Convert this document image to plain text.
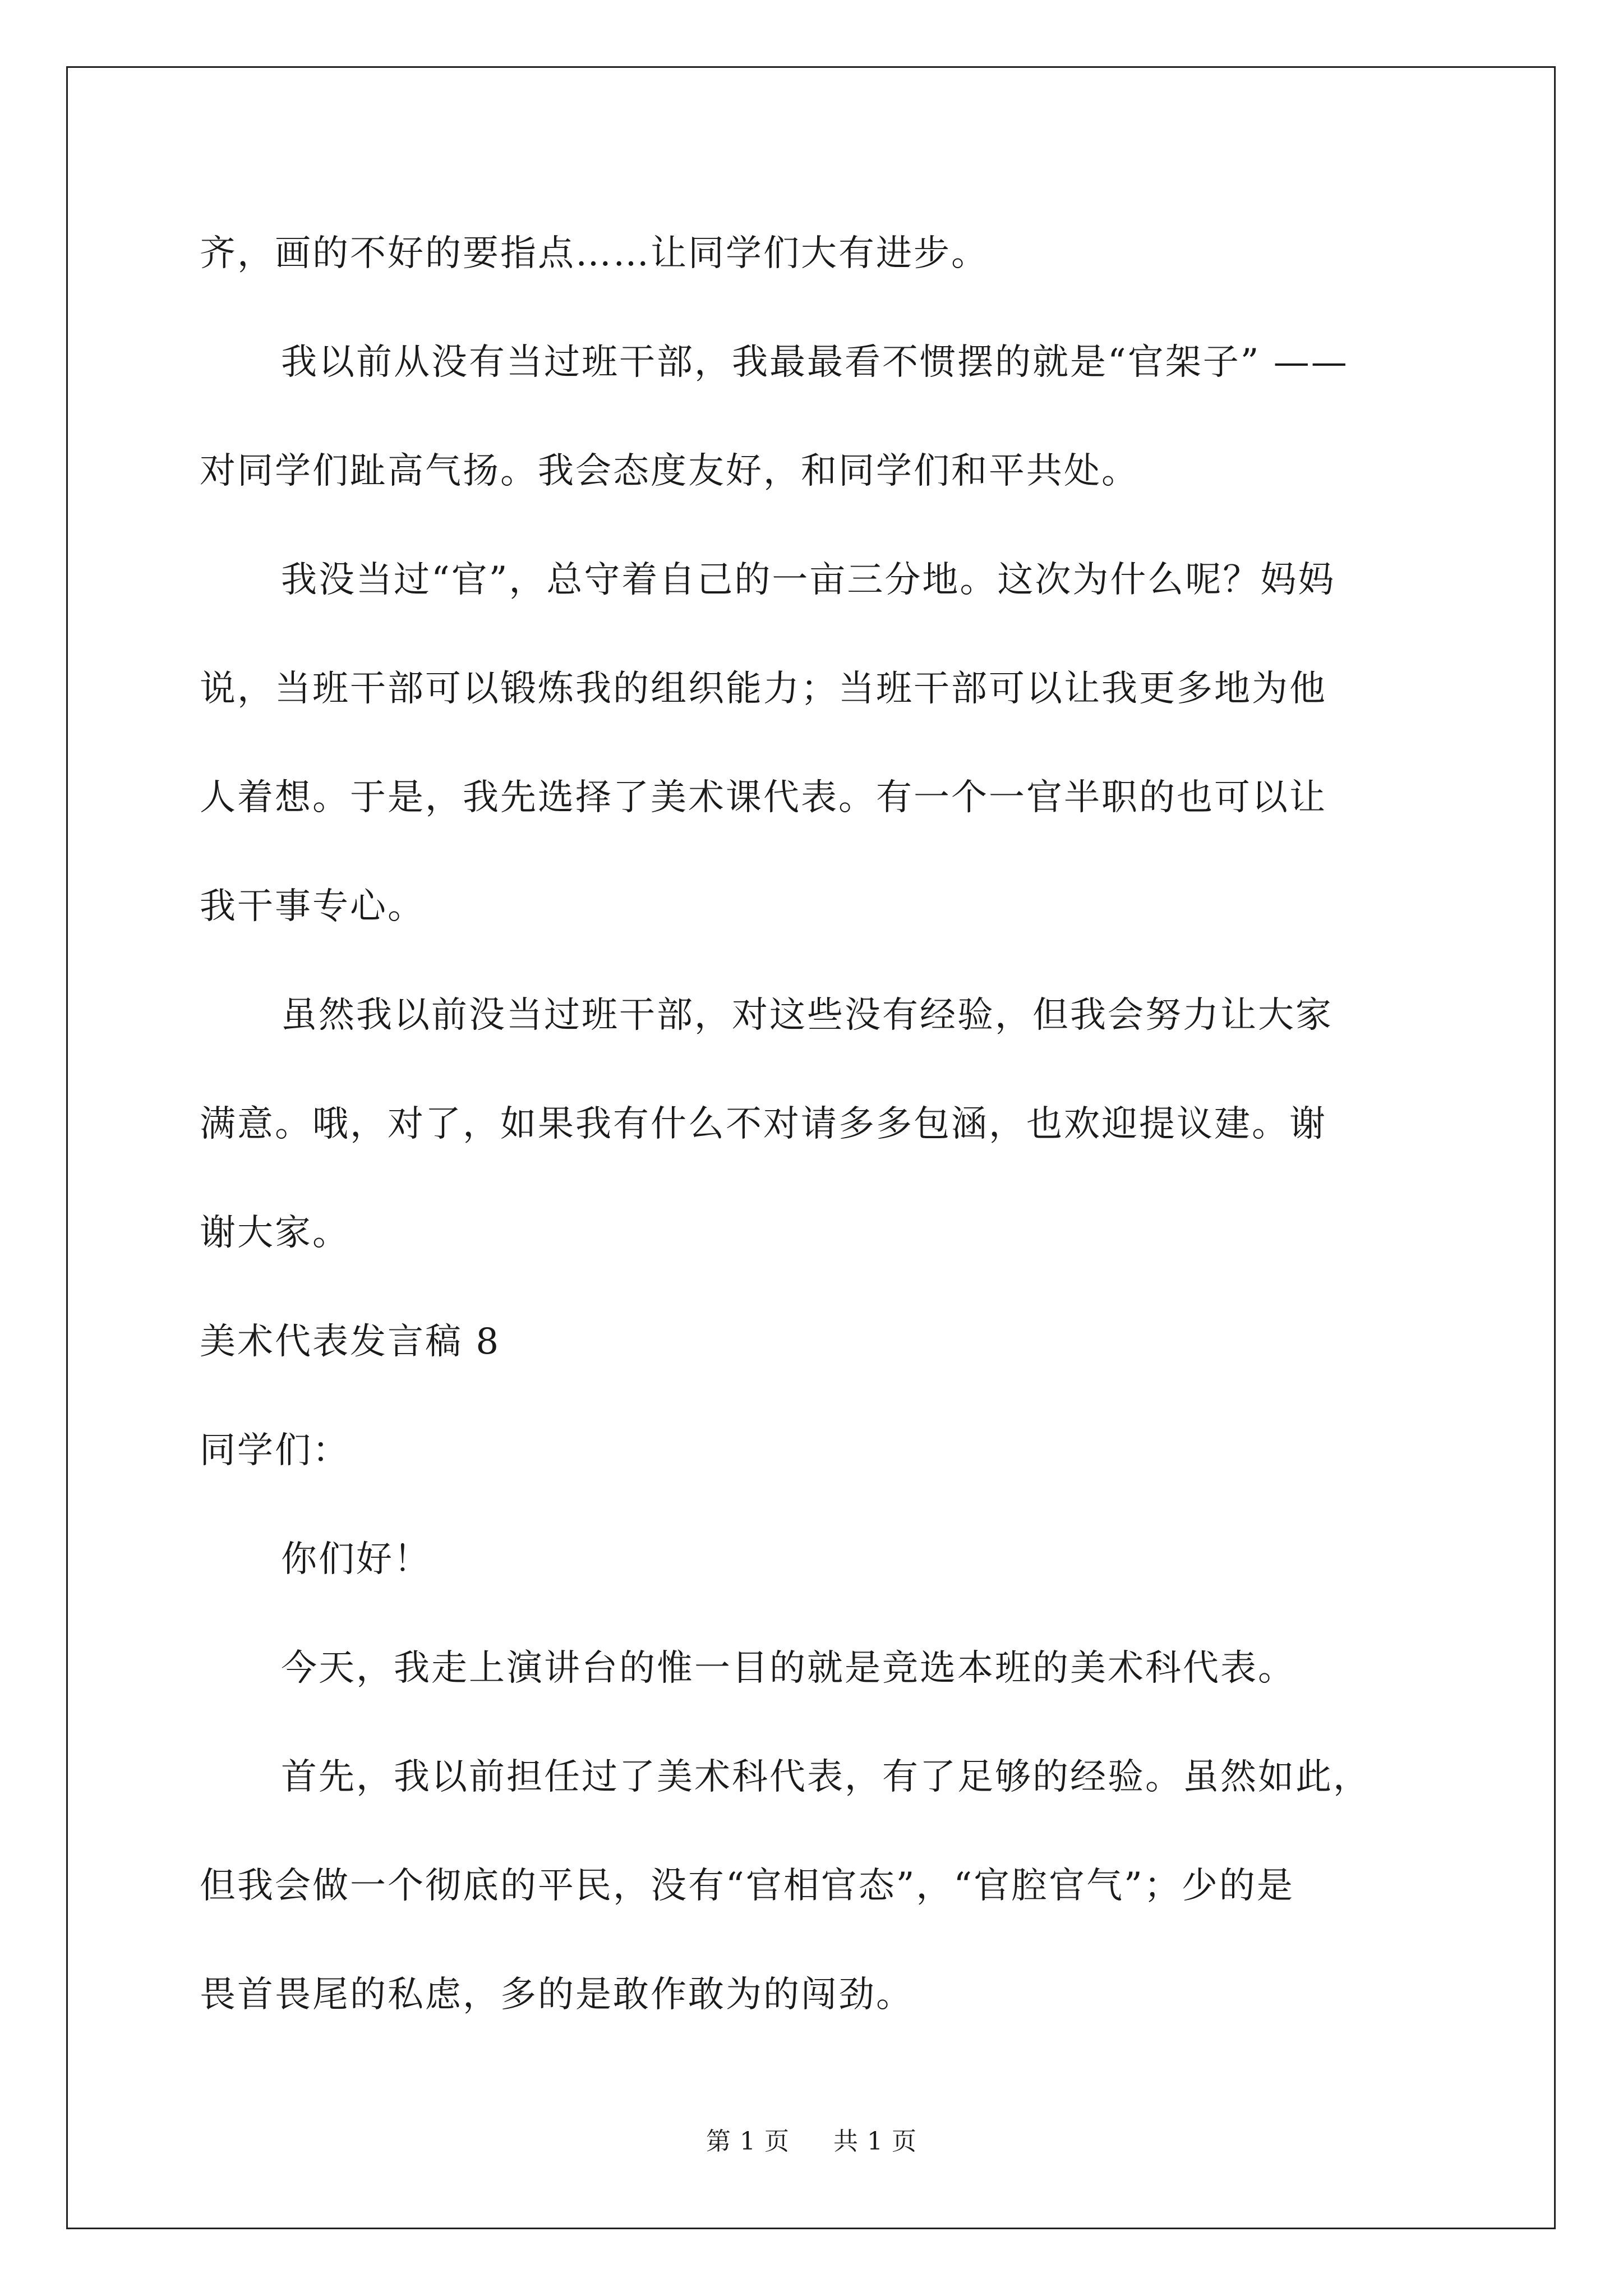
齐，画的不好的要指点……让同学们大有进步。
我以前从没有当过班干部，我最最看不惯摆的就是“官架子” ——
对同学们趾高气扬。我会态度友好，和同学们和平共处。
我没当过“官”，总守着自己的一亩三分地。这次为什么呢？妈妈
说，当班干部可以锻炼我的组织能力；当班干部可以让我更多地为他
人着想。于是，我先选择了美术课代表。有一个一官半职的也可以让
我干事专心。
虽然我以前没当过班干部，对这些没有经验，但我会努力让大家
满意。哦，对了，如果我有什么不对请多多包涵，也欢迎提议建。谢
谢大家。
美术代表发言稿 8
同学们：
你们好！
今天，我走上演讲台的惟一目的就是竞选本班的美术科代表。
首先，我以前担任过了美术科代表，有了足够的经验。虽然如此，
但我会做一个彻底的平民，没有“官相官态”，“官腔官气”；少的是
畏首畏尾的私虑，多的是敢作敢为的闯劲。
第 1 页 共 1 页
